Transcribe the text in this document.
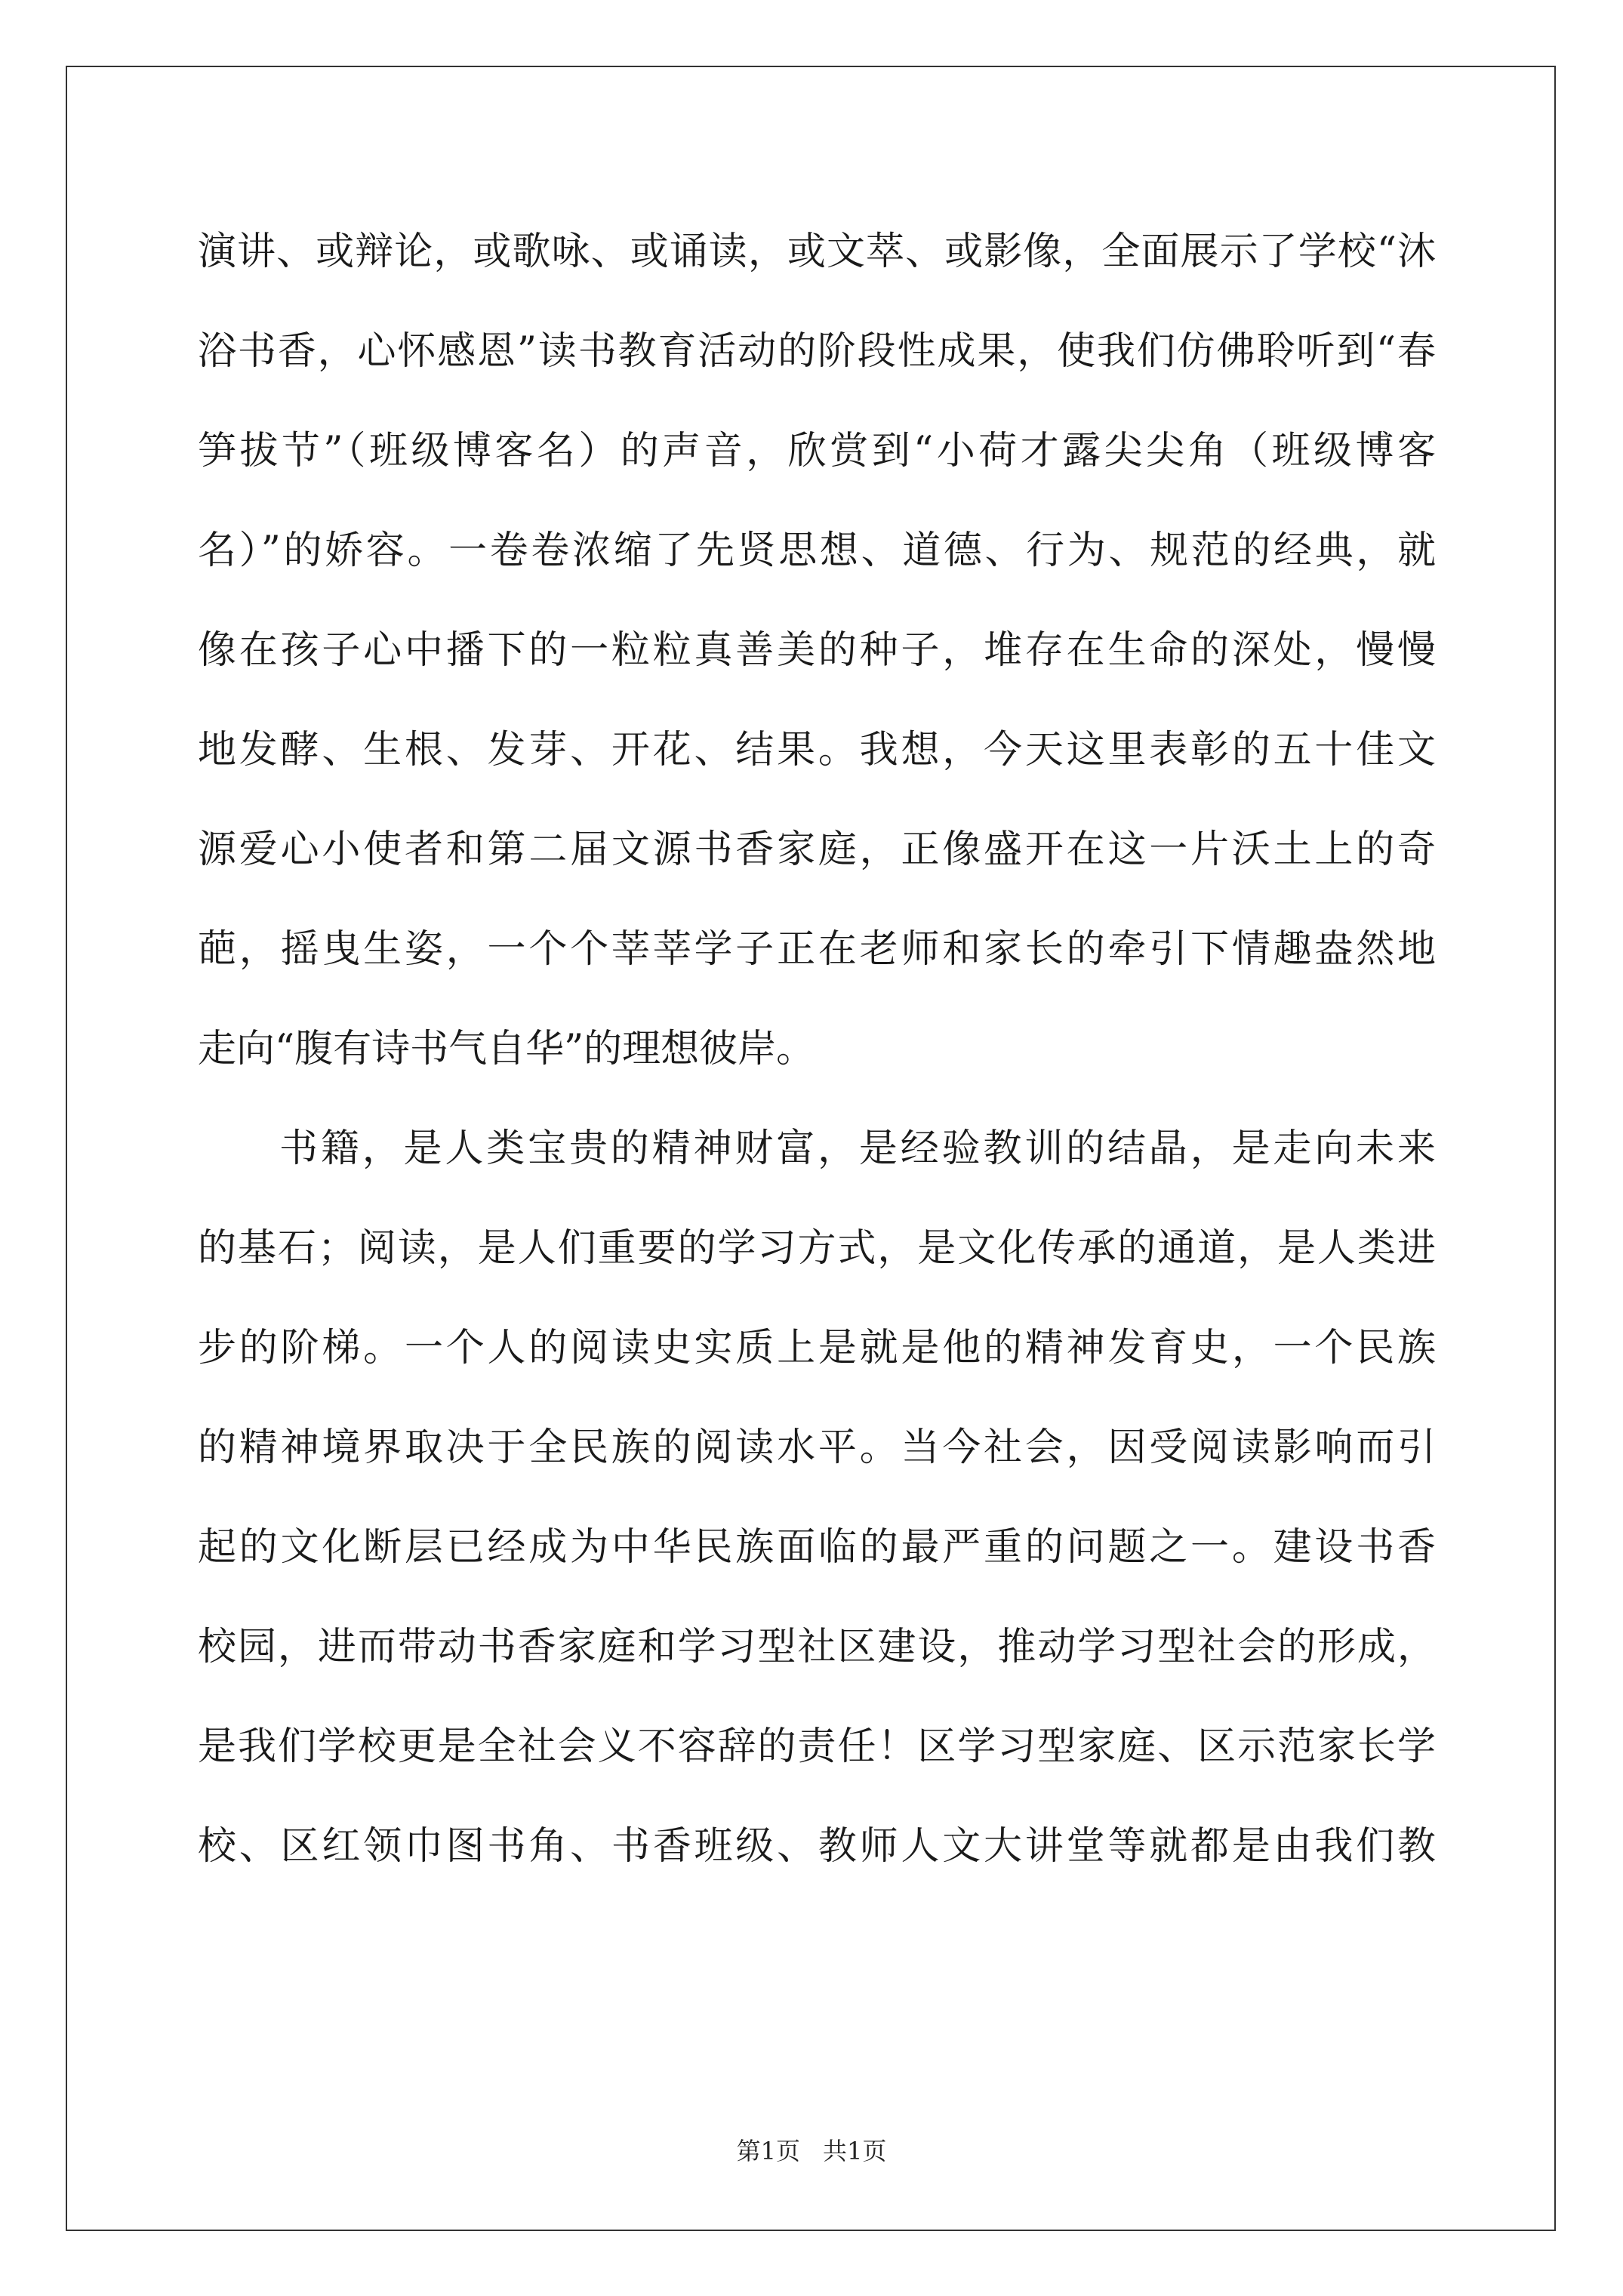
演讲、或辩论，或歌咏、或诵读，或文萃、或影像，全面展示了学校“沐
浴书香，心怀感恩”读书教育活动的阶段性成果，使我们仿佛聆听到“春
笋拔节”（班级博客名）的声音，欣赏到“小荷才露尖尖角（班级博客
名）”的娇容。一卷卷浓缩了先贤思想、道德、行为、规范的经典，就
像在孩子心中播下的一粒粒真善美的种子，堆存在生命的深处，慢慢
地发酵、生根、发芽、开花、结果。我想，今天这里表彰的五十佳文
源爱心小使者和第二届文源书香家庭，正像盛开在这一片沃土上的奇
葩，摇曳生姿，一个个莘莘学子正在老师和家长的牵引下情趣盎然地
走向“腹有诗书气自华”的理想彼岸。
书籍，是人类宝贵的精神财富，是经验教训的结晶，是走向未来
的基石；阅读，是人们重要的学习方式，是文化传承的通道，是人类进
步的阶梯。一个人的阅读史实质上是就是他的精神发育史，一个民族
的精神境界取决于全民族的阅读水平。当今社会，因受阅读影响而引
起的文化断层已经成为中华民族面临的最严重的问题之一。建设书香
校园，进而带动书香家庭和学习型社区建设，推动学习型社会的形成，
是我们学校更是全社会义不容辞的责任！区学习型家庭、区示范家长学
校、区红领巾图书角、书香班级、教师人文大讲堂等就都是由我们教
第1页 共1页
